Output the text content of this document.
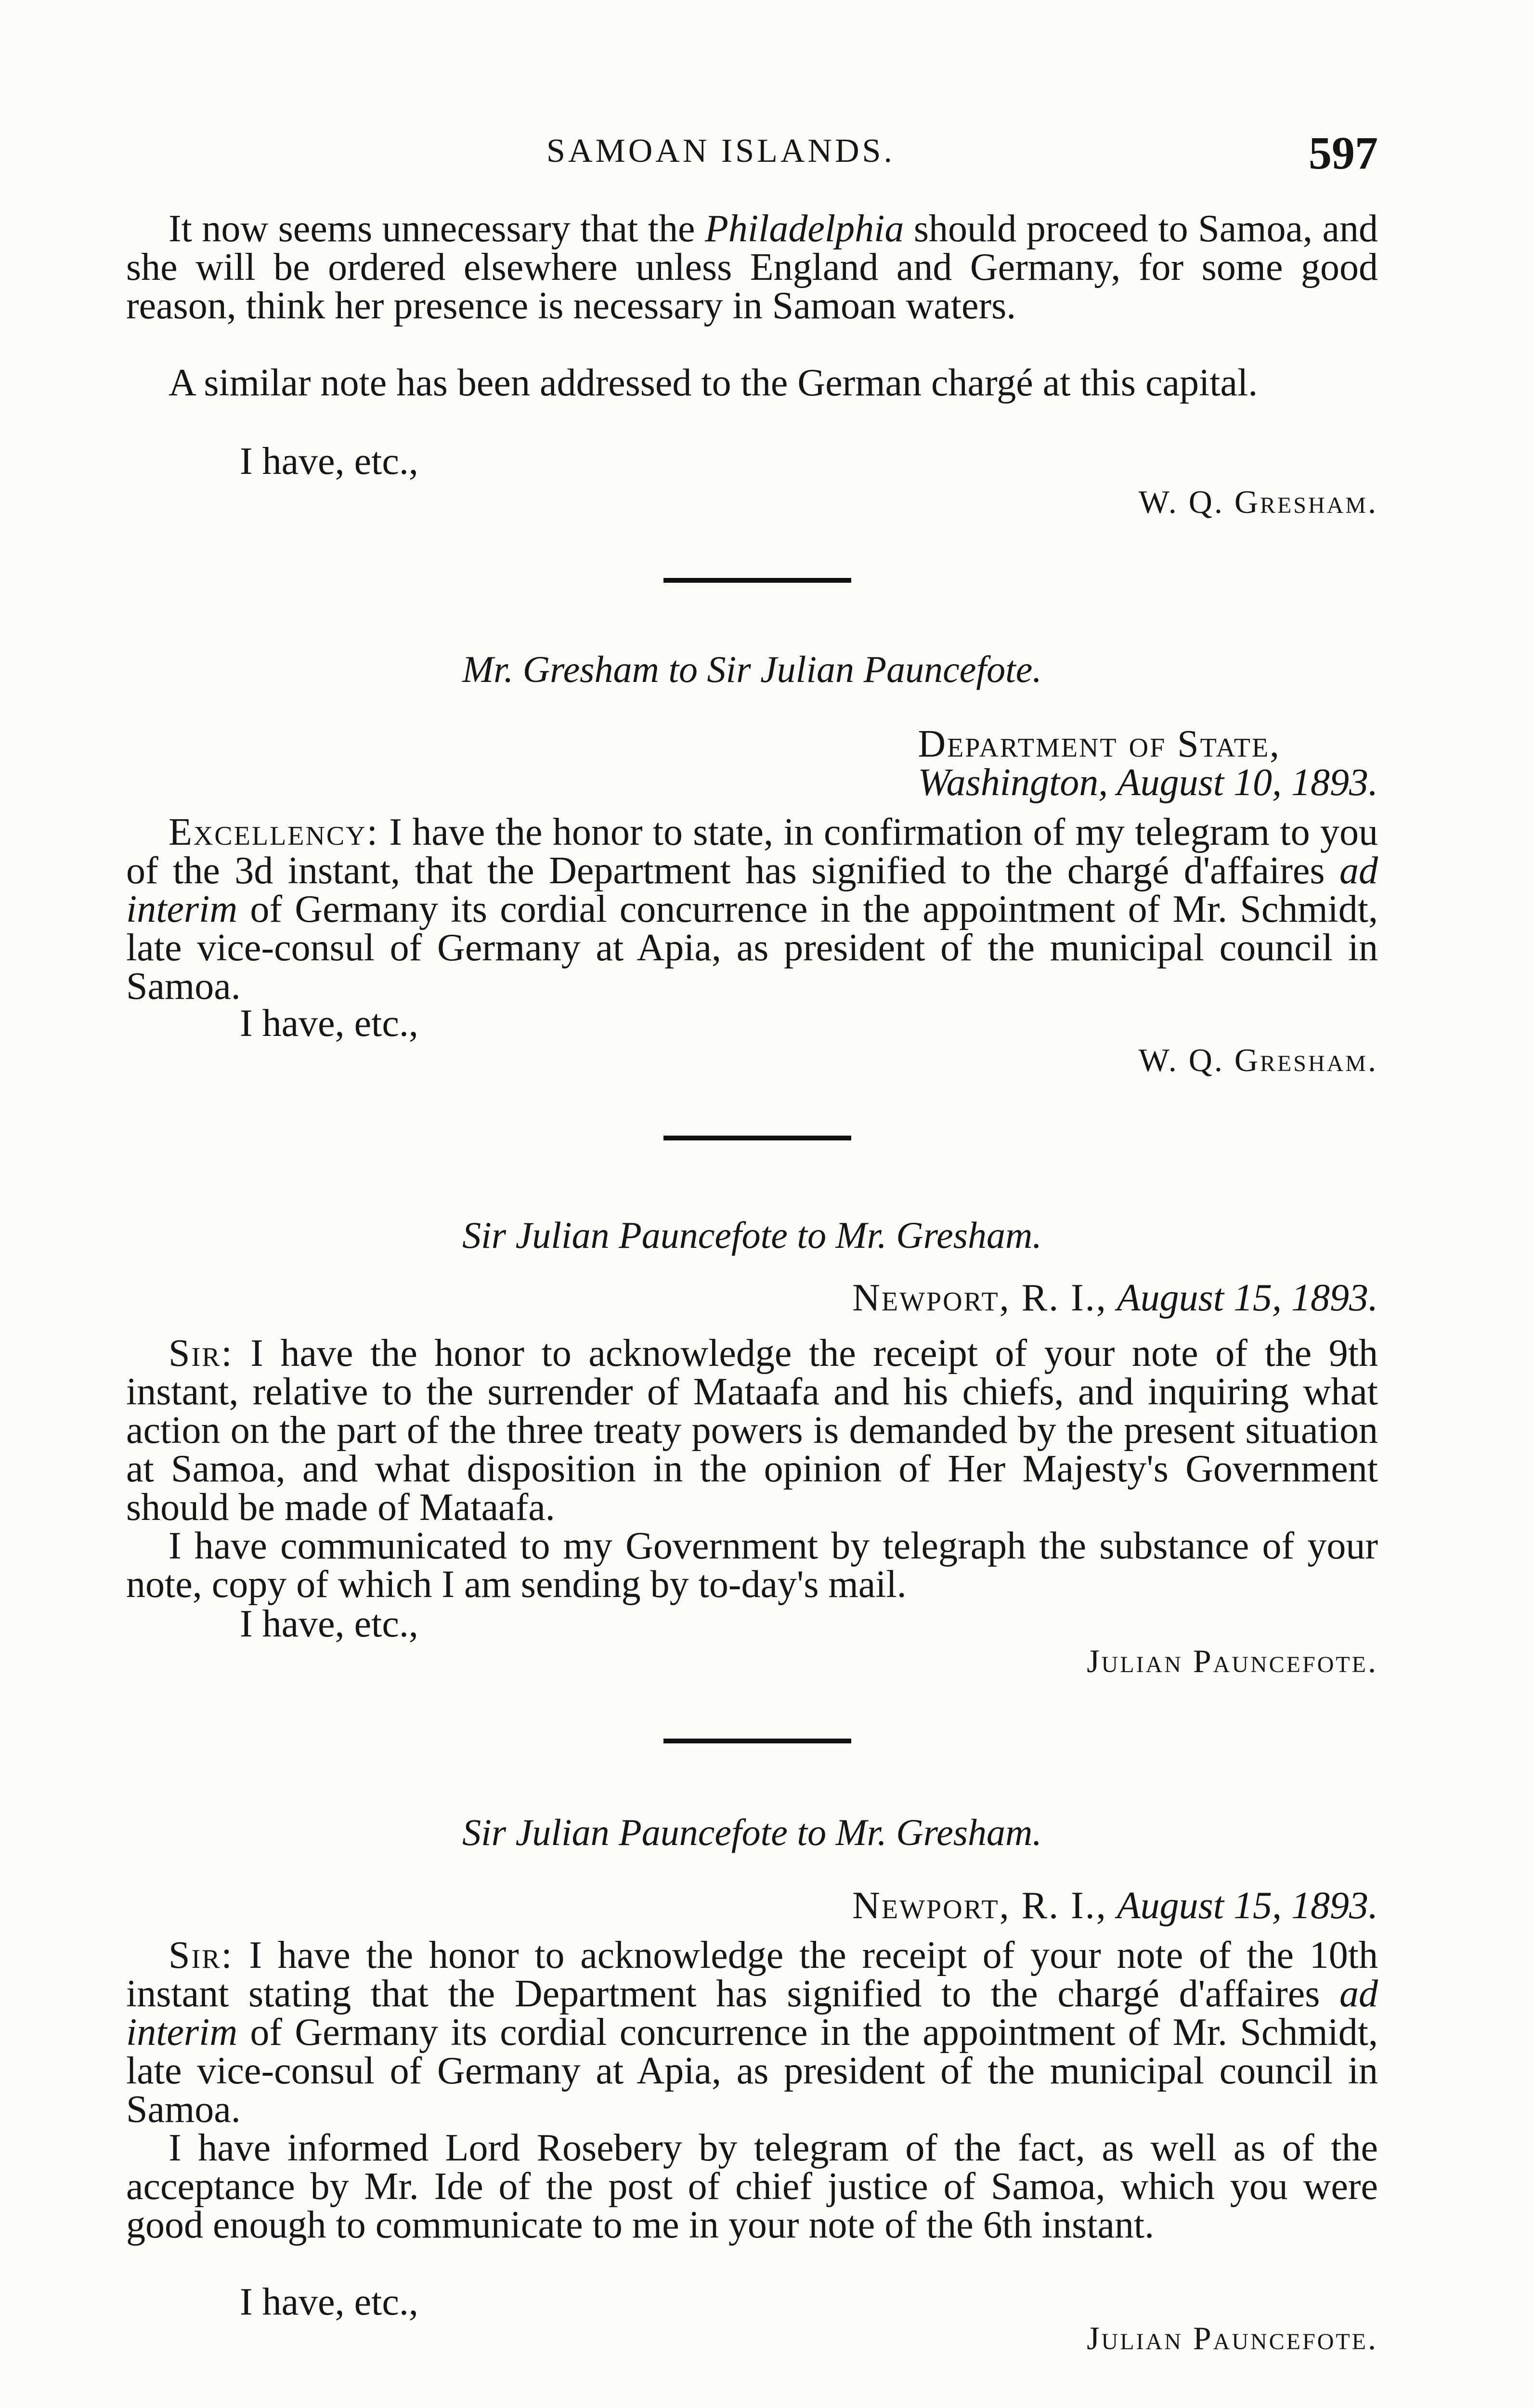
SAMOAN ISLANDS.	597

It now seems unnecessary that the Philadelphia should proceed to Samoa, and she will be ordered elsewhere unless England and Germany, for some good reason, think her presence is necessary in Samoan waters.

A similar note has been addressed to the German chargé at this capital.

I have, etc.,

W. Q. Gresham.

Mr. Gresham to Sir Julian Pauncefote.

Department of State,
Washington, August 10, 1893.

Excellency: I have the honor to state, in confirmation of my telegram to you of the 3d instant, that the Department has signified to the chargé d'affaires ad interim of Germany its cordial concurrence in the appointment of Mr. Schmidt, late vice-consul of Germany at Apia, as president of the municipal council in Samoa.

I have, etc.,

W. Q. Gresham.

Sir Julian Pauncefote to Mr. Gresham.

Newport, R. I., August 15, 1893.

Sir: I have the honor to acknowledge the receipt of your note of the 9th instant, relative to the surrender of Mataafa and his chiefs, and inquiring what action on the part of the three treaty powers is demanded by the present situation at Samoa, and what disposition in the opinion of Her Majesty's Government should be made of Mataafa.

I have communicated to my Government by telegraph the substance of your note, copy of which I am sending by to-day's mail.

I have, etc.,

Julian Pauncefote.

Sir Julian Pauncefote to Mr. Gresham.

Newport, R. I., August 15, 1893.

Sir: I have the honor to acknowledge the receipt of your note of the 10th instant stating that the Department has signified to the chargé d'affaires ad interim of Germany its cordial concurrence in the appointment of Mr. Schmidt, late vice-consul of Germany at Apia, as president of the municipal council in Samoa.

I have informed Lord Rosebery by telegram of the fact, as well as of the acceptance by Mr. Ide of the post of chief justice of Samoa, which you were good enough to communicate to me in your note of the 6th instant.

I have, etc.,

Julian Pauncefote.
